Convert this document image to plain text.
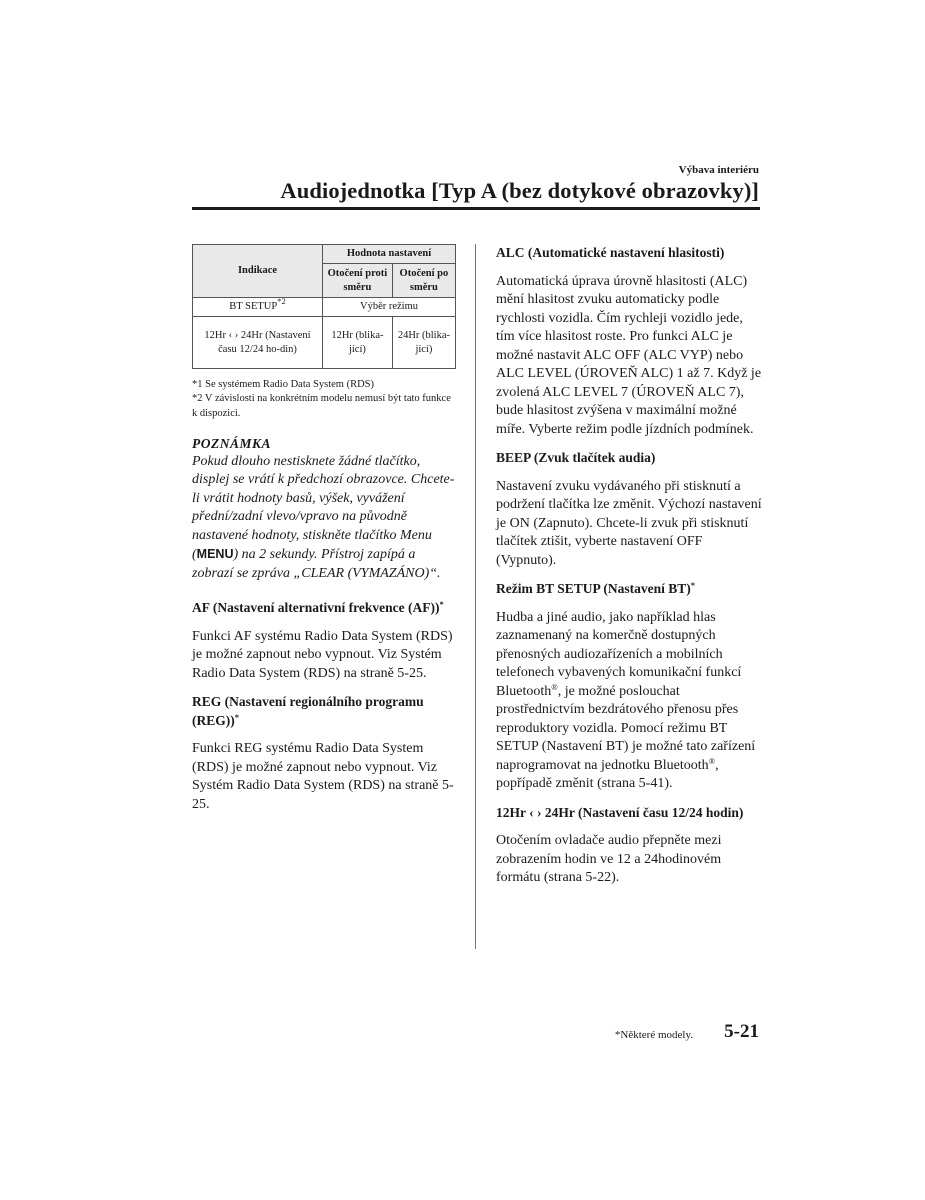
Výbava interiéru
Audiojednotka [Typ A (bez dotykové obrazovky)]
Indikace	Hodnota nastavení	
	Otočení proti směru	Otočení po směru
BT SETUP$^{*2}$	Výběr režimu	
12Hr ‹ › 24Hr (Nastavení času 12/24 ho-din)	12Hr (blika-jící)	24Hr (blika-jící)
*1 Se systémem Radio Data System (RDS)
*2 V závislosti na konkrétním modelu nemusí být tato funkce k dispozici.
POZNÁMKA
Pokud dlouho nestisknete žádné tlačítko, displej se vrátí k předchozí obrazovce. Chcete-li vrátit hodnoty basů, výšek, vyvážení přední/zadní vlevo/vpravo na původně nastavené hodnoty, stiskněte tlačítko Menu (MENU) na 2 sekundy. Přístroj zapípá a zobrazí se zpráva „CLEAR (VYMAZÁNO)“.
AF (Nastavení alternativní frekvence (AF))*
Funkci AF systému Radio Data System (RDS) je možné zapnout nebo vypnout. Viz Systém Radio Data System (RDS) na straně 5-25.
REG (Nastavení regionálního programu (REG))*
Funkci REG systému Radio Data System (RDS) je možné zapnout nebo vypnout. Viz Systém Radio Data System (RDS) na straně 5-25.
ALC (Automatické nastavení hlasitosti)
Automatická úprava úrovně hlasitosti (ALC) mění hlasitost zvuku automaticky podle rychlosti vozidla. Čím rychleji vozidlo jede, tím více hlasitost roste. Pro funkci ALC je možné nastavit ALC OFF (ALC VYP) nebo ALC LEVEL (ÚROVEŇ ALC) 1 až 7. Když je zvolená ALC LEVEL 7 (ÚROVEŇ ALC 7), bude hlasitost zvýšena v maximální možné míře. Vyberte režim podle jízdních podmínek.
BEEP (Zvuk tlačítek audia)
Nastavení zvuku vydávaného při stisknutí a podržení tlačítka lze změnit. Výchozí nastavení je ON (Zapnuto). Chcete-li zvuk při stisknutí tlačítek ztišit, vyberte nastavení OFF (Vypnuto).
Režim BT SETUP (Nastavení BT)*
Hudba a jiné audio, jako například hlas zaznamenaný na komerčně dostupných přenosných audiozařízeních a mobilních telefonech vybavených komunikační funkcí Bluetooth®, je možné poslouchat prostřednictvím bezdrátového přenosu přes reproduktory vozidla. Pomocí režimu BT SETUP (Nastavení BT) je možné tato zařízení naprogramovat na jednotku Bluetooth®, popřípadě změnit (strana 5-41).
12Hr ‹ › 24Hr (Nastavení času 12/24 hodin)
Otočením ovladače audio přepněte mezi zobrazením hodin ve 12 a 24hodinovém formátu (strana 5-22).
*Některé modely. 5-21
